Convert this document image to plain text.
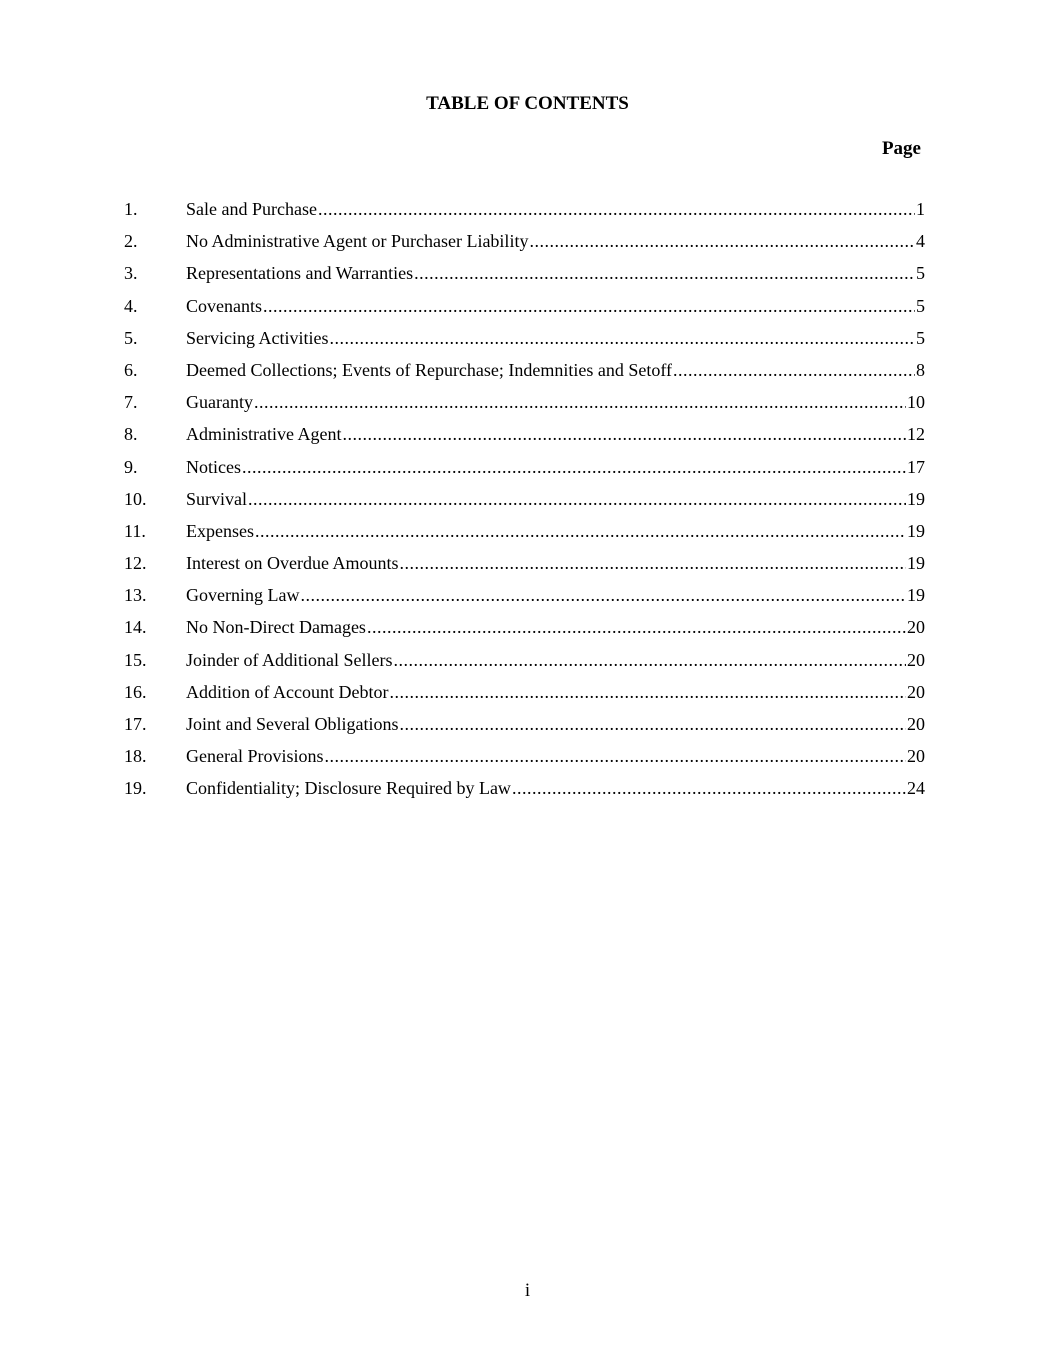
TABLE OF CONTENTS
Page
1.	Sale and Purchase .....	1
2.	No Administrative Agent or Purchaser Liability .....	4
3.	Representations and Warranties .....	5
4.	Covenants .....	5
5.	Servicing Activities .....	5
6.	Deemed Collections; Events of Repurchase; Indemnities and Setoff .....	8
7.	Guaranty .....	10
8.	Administrative Agent .....	12
9.	Notices .....	17
10.	Survival .....	19
11.	Expenses .....	19
12.	Interest on Overdue Amounts .....	19
13.	Governing Law .....	19
14.	No Non-Direct Damages .....	20
15.	Joinder of Additional Sellers .....	20
16.	Addition of Account Debtor .....	20
17.	Joint and Several Obligations .....	20
18.	General Provisions .....	20
19.	Confidentiality; Disclosure Required by Law .....	24
i
